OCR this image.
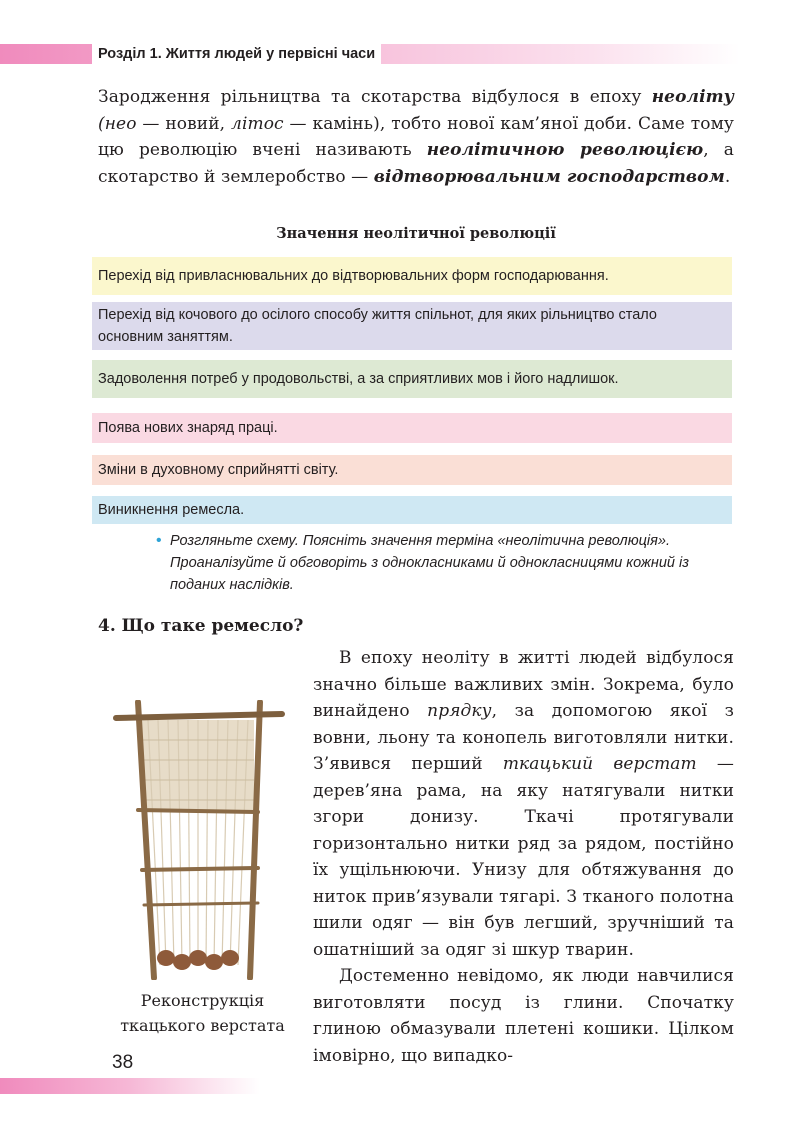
Розділ 1. Життя людей у первісні часи
Зародження рільництва та скотарства відбулося в епоху неоліту (нео — новий, літос — камінь), тобто нової кам’яної доби. Саме тому цю революцію вчені називають неолітичною революцією, а скотарство й землеробство — відтворювальним господарством.
Значення неолітичної революції
Перехід від привласнювальних до відтворювальних форм господарювання.
Перехід від кочового до осілого способу життя спільнот, для яких рільництво стало основним заняттям.
Задоволення потреб у продовольстві, а за сприятливих мов і його надлишок.
Поява нових знаряд праці.
Зміни в духовному сприйнятті світу.
Виникнення ремесла.
• Розгляньте схему. Поясніть значення терміна «неолітична революція». Проаналізуйте й обговоріть з однокласниками й однокласницями кожний із поданих наслідків.
4. Що таке ремесло?
В епоху неоліту в житті людей відбулося значно більше важливих змін. Зокрема, було винайдено прядку, за допомогою якої з вовни, льону та конопель виготовляли нитки. З’явився перший ткацький верстат — дерев’яна рама, на яку натягували нитки згори донизу. Ткачі протягували горизонтально нитки ряд за рядом, постійно їх ущільнюючи. Унизу для обтяжування до ниток прив’язували тягарі. З тканого полотна шили одяг — він був легший, зручніший та ошатніший за одяг зі шкур тварин.
Достеменно невідомо, як люди навчилися виготовляти посуд із глини. Спочатку глиною обмазували плетені кошики. Цілком імовірно, що випадко-
Реконструкція
ткацького верстата
38
